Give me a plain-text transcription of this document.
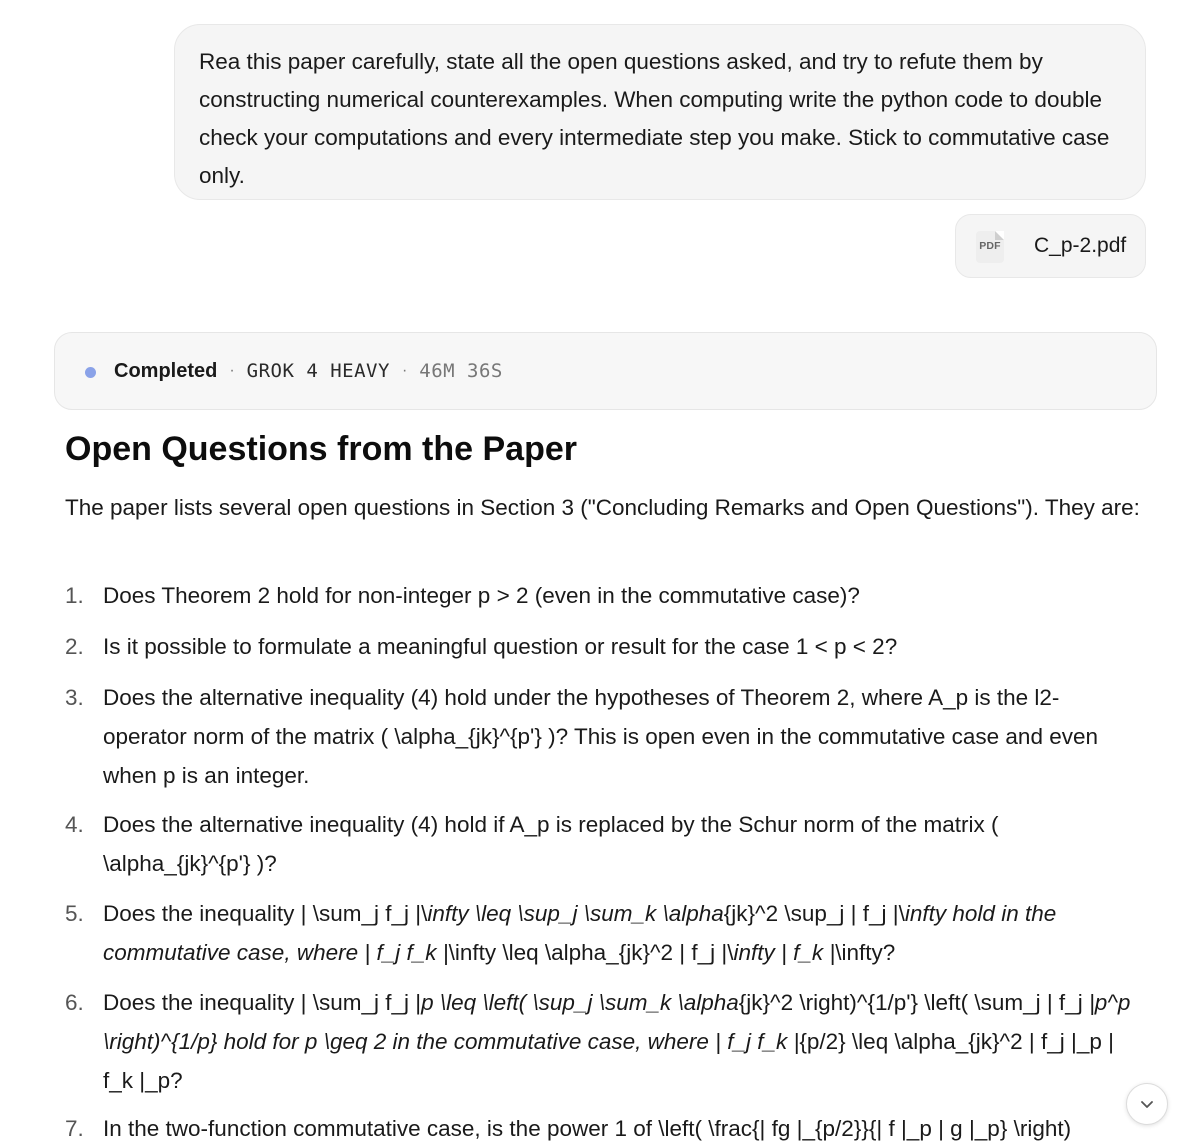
Rea this paper carefully, state all the open questions asked, and try to refute them by constructing numerical counterexamples. When computing write the python code to double check your computations and every intermediate step you make. Stick to commutative case only.
PDF C_p-2.pdf
Completed · GROK 4 HEAVY · 46M 36S
Open Questions from the Paper
The paper lists several open questions in Section 3 ("Concluding Remarks and Open Questions"). They are:
1. Does Theorem 2 hold for non-integer p > 2 (even in the commutative case)?
2. Is it possible to formulate a meaningful question or result for the case 1 < p < 2?
3. Does the alternative inequality (4) hold under the hypotheses of Theorem 2, where A_p is the l2-operator norm of the matrix ( \alpha_{jk}^{p'} )? This is open even in the commutative case and even when p is an integer.
4. Does the alternative inequality (4) hold if A_p is replaced by the Schur norm of the matrix ( \alpha_{jk}^{p'} )?
5. Does the inequality | \sum_j f_j |\infty \leq \sup_j \sum_k \alpha{jk}^2 \sup_j | f_j |\infty hold in the commutative case, where | f_j f_k |\infty \leq \alpha_{jk}^2 | f_j |\infty | f_k |\infty?
6. Does the inequality | \sum_j f_j |p \leq \left( \sup_j \sum_k \alpha{jk}^2 \right)^{1/p'} \left( \sum_j | f_j |p^p \right)^{1/p} hold for p \geq 2 in the commutative case, where | f_j f_k |{p/2} \leq \alpha_{jk}^2 | f_j |_p | f_k |_p?
7. In the two-function commutative case, is the power 1 of \left( \frac{| fg |_{p/2}}{| f |_p | g |_p} \right)
